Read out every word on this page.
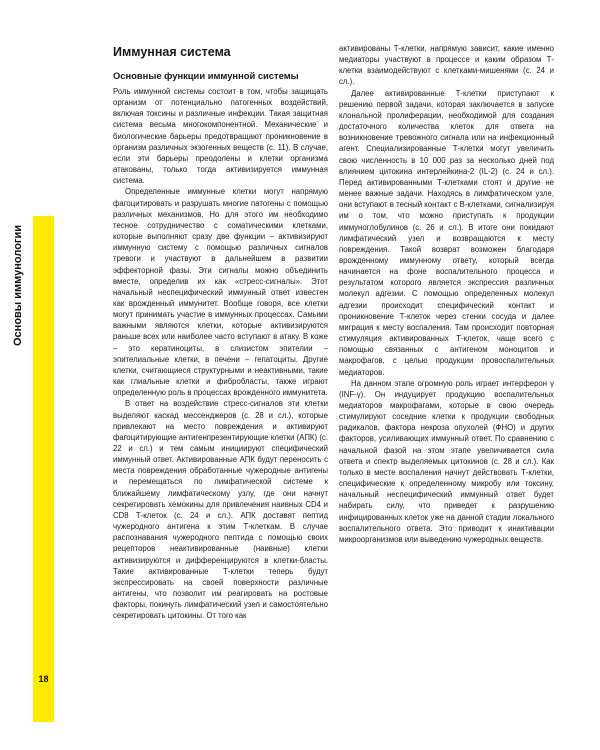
Основы иммунологии
18
Иммунная система
Основные функции иммунной системы

Роль иммунной системы состоит в том, чтобы защищать организм от потенциально патогенных воздействий, включая токсины и различные инфекции. Такая защитная система весьма многокомпонентной. Механические и биологические барьеры предотвращают проникновение в организм различных экзогенных веществ (с. 11). В случае, если эти барьеры преодолены и клетки организма атакованы, только тогда активизируется иммунная система.

Определенные иммунные клетки могут напрямую фагоцитировать и разрушать многие патогены с помощью различных механизмов. Но для этого им необходимо тесное сотрудничество с соматическими клетками, которые выполняют сразу две функции – активизируют иммунную систему с помощью различных сигналов тревоги и участвуют в дальнейшем в развитии эффекторной фазы. Эти сигналы можно объединить вместе, определив их как «стресс-сигналы». Этот начальный неспецифический иммунный ответ известен как врожденный иммунитет. Вообще говоря, все клетки могут принимать участие в иммунных процессах. Самыми важными являются клетки, которые активизируются раньше всех или наиболее часто вступают в атаку. В коже – это кератиноциты, в слизистом эпителии – эпителиальные клетки, в печени – гепатоциты. Другие клетки, считающиеся структурными и неактивными, такие как глиальные клетки и фибробласты, также играют определенную роль в процессах врожденного иммунитета.

В ответ на воздействие стресс-сигналов эти клетки выделяют каскад мессенджеров (с. 28 и сл.), которые привлекают на место повреждения и активируют фагоцитирующие антигенпрезентирующие клетки (АПК) (с. 22 и сл.) и тем самым инициируют специфический иммунный ответ. Активированные АПК будут переносить с места повреждения обработанные чужеродные антигены и перемещаться по лимфатической системе к ближайшему лимфатическому узлу, где они начнут секретировать хемокины для привлечения наивных CD4 и CD8 Т-клеток (с. 24 и сл.). АПК доставят пептид чужеродного антигена к этим Т-клеткам. В случае распознавания чужеродного пептида с помощью своих рецепторов неактивированные (наивные) клетки активизируются и дифференцируются в клетки-бласты. Такие активированные Т-клетки теперь будут экспрессировать на своей поверхности различные антигены, что позволит им реагировать на ростовые факторы, покинуть лимфатический узел и самостоятельно секретировать цитокины. От того как

активированы Т-клетки, напрямую зависит, какие именно медиаторы участвуют в процессе и каким образом Т-клетки взаимодействуют с клетками-мишенями (с. 24 и сл.).

Далее активированные Т-клетки приступают к решению первой задачи, которая заключается в запуске клональной пролиферации, необходимой для создания достаточного количества клеток для ответа на возникновение тревожного сигнала или на инфекционный агент. Специализированные Т-клетки могут увеличить свою численность в 10 000 раз за несколько дней под влиянием цитокина интерлейкина-2 (IL-2) (с. 24 и сл.). Перед активированными Т-клетками стоят и другие не менее важные задачи. Находясь в лимфатическом узле, они вступают в тесный контакт с В-клетками, сигнализируя им о том, что можно приступать к продукции иммуноглобулинов (с. 26 и сл.). В итоге они покидают лимфатический узел и возвращаются к месту повреждения. Такой возврат возможен благодаря врожденному иммунному ответу, который всегда начинается на фоне воспалительного процесса и результатом которого является экспрессия различных молекул адгезии. С помощью определенных молекул адгезии происходит специфический контакт и проникновение Т-клеток через стенки сосуда и далее миграция к месту воспаления. Там происходит повторная стимуляция активированных Т-клеток, чаще всего с помощью связанных с антигеном моноцитов и макрофагов, с целью продукции провоспалительных медиаторов.

На данном этапе огромную роль играет интерферон γ (INF-γ). Он индуцирует продукцию воспалительных медиаторов макрофагами, которые в свою очередь стимулируют соседние клетки к продукции свободных радикалов, фактора некроза опухолей (ФНО) и других факторов, усиливающих иммунный ответ. По сравнению с начальной фазой на этом этапе увеличивается сила ответа и спектр выделяемых цитокинов (с. 28 и сл.). Как только в месте воспаления начнут действовать Т-клетки, специфические к определенному микробу или токсину, начальный неспецифический иммунный ответ будет набирать силу, что приведет к разрушению инфицированных клеток уже на данной стадии локального воспалительного ответа. Это приводит к инактивации микроорганизмов или выведению чужеродных веществ.
